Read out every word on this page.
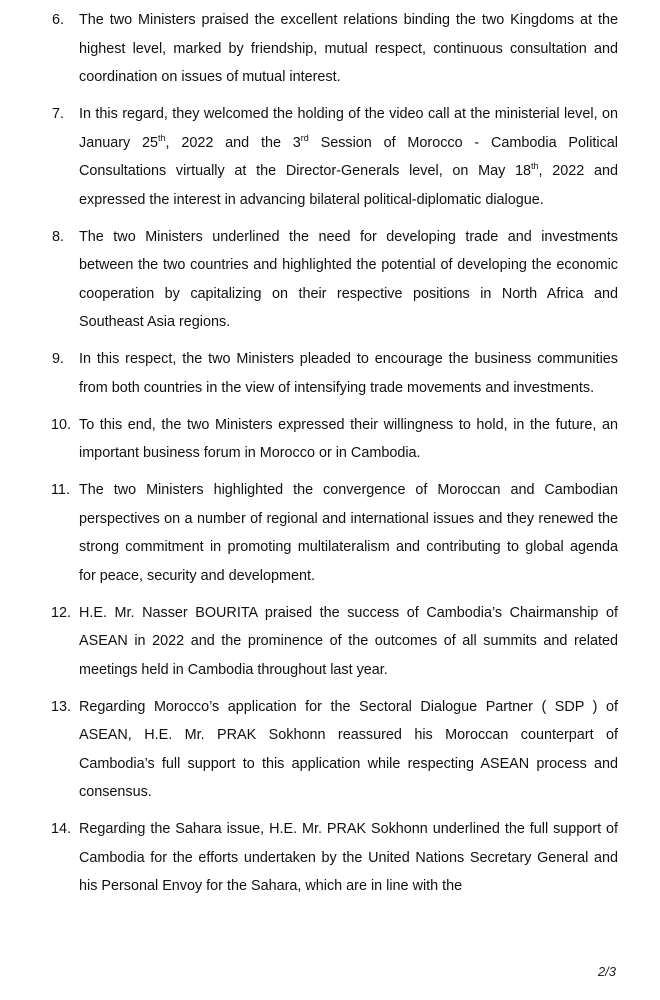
6. The two Ministers praised the excellent relations binding the two Kingdoms at the highest level, marked by friendship, mutual respect, continuous consultation and coordination on issues of mutual interest.
7. In this regard, they welcomed the holding of the video call at the ministerial level, on January 25th, 2022 and the 3rd Session of Morocco - Cambodia Political Consultations virtually at the Director-Generals level, on May 18th, 2022 and expressed the interest in advancing bilateral political-diplomatic dialogue.
8. The two Ministers underlined the need for developing trade and investments between the two countries and highlighted the potential of developing the economic cooperation by capitalizing on their respective positions in North Africa and Southeast Asia regions.
9. In this respect, the two Ministers pleaded to encourage the business communities from both countries in the view of intensifying trade movements and investments.
10. To this end, the two Ministers expressed their willingness to hold, in the future, an important business forum in Morocco or in Cambodia.
11. The two Ministers highlighted the convergence of Moroccan and Cambodian perspectives on a number of regional and international issues and they renewed the strong commitment in promoting multilateralism and contributing to global agenda for peace, security and development.
12. H.E. Mr. Nasser BOURITA praised the success of Cambodia’s Chairmanship of ASEAN in 2022 and the prominence of the outcomes of all summits and related meetings held in Cambodia throughout last year.
13. Regarding Morocco’s application for the Sectoral Dialogue Partner ( SDP ) of ASEAN, H.E. Mr. PRAK Sokhonn reassured his Moroccan counterpart of Cambodia’s full support to this application while respecting ASEAN process and consensus.
14. Regarding the Sahara issue, H.E. Mr. PRAK Sokhonn underlined the full support of Cambodia for the efforts undertaken by the United Nations Secretary General and his Personal Envoy for the Sahara, which are in line with the
2/3
